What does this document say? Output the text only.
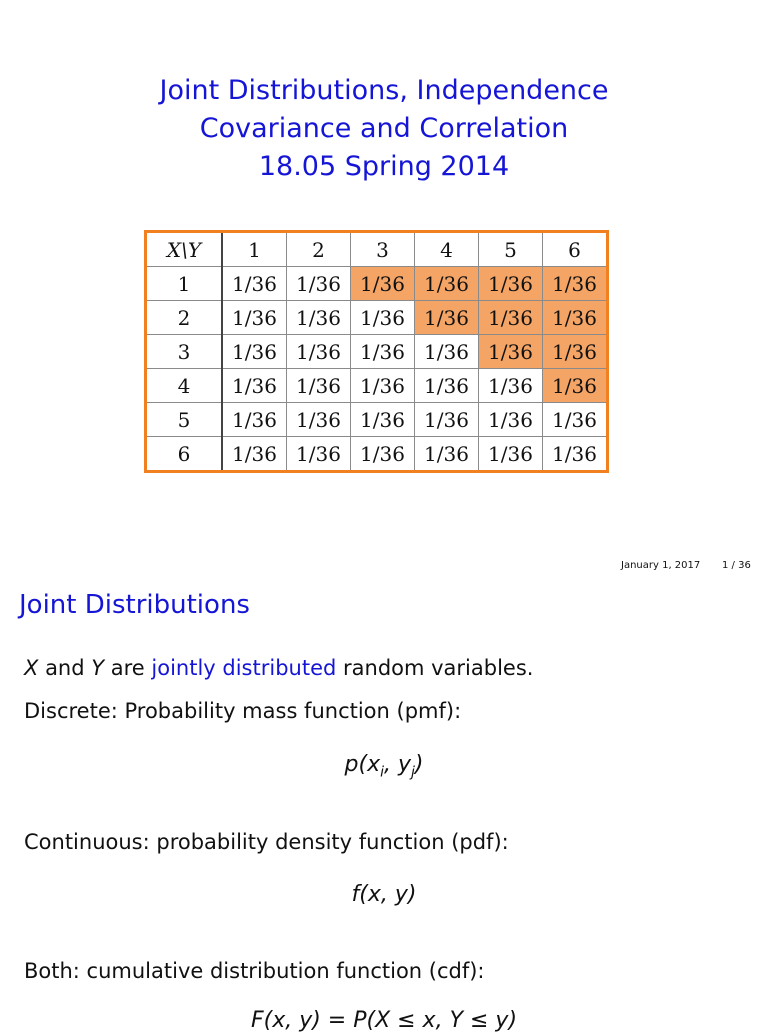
Joint Distributions, Independence
Covariance and Correlation
18.05 Spring 2014
X\Y	1	2	3	4	5	6
1	1/36	1/36	1/36	1/36	1/36	1/36
2	1/36	1/36	1/36	1/36	1/36	1/36
3	1/36	1/36	1/36	1/36	1/36	1/36
4	1/36	1/36	1/36	1/36	1/36	1/36
5	1/36	1/36	1/36	1/36	1/36	1/36
6	1/36	1/36	1/36	1/36	1/36	1/36
January 1, 2017 1 / 36
Joint Distributions
X and Y are jointly distributed random variables.
Discrete: Probability mass function (pmf):
$p(x_i$, $y_j$)
Continuous: probability density function (pdf):
f(x, y)
Both: cumulative distribution function (cdf):
F(x, y) = P(X ≤ x, Y ≤ y)
